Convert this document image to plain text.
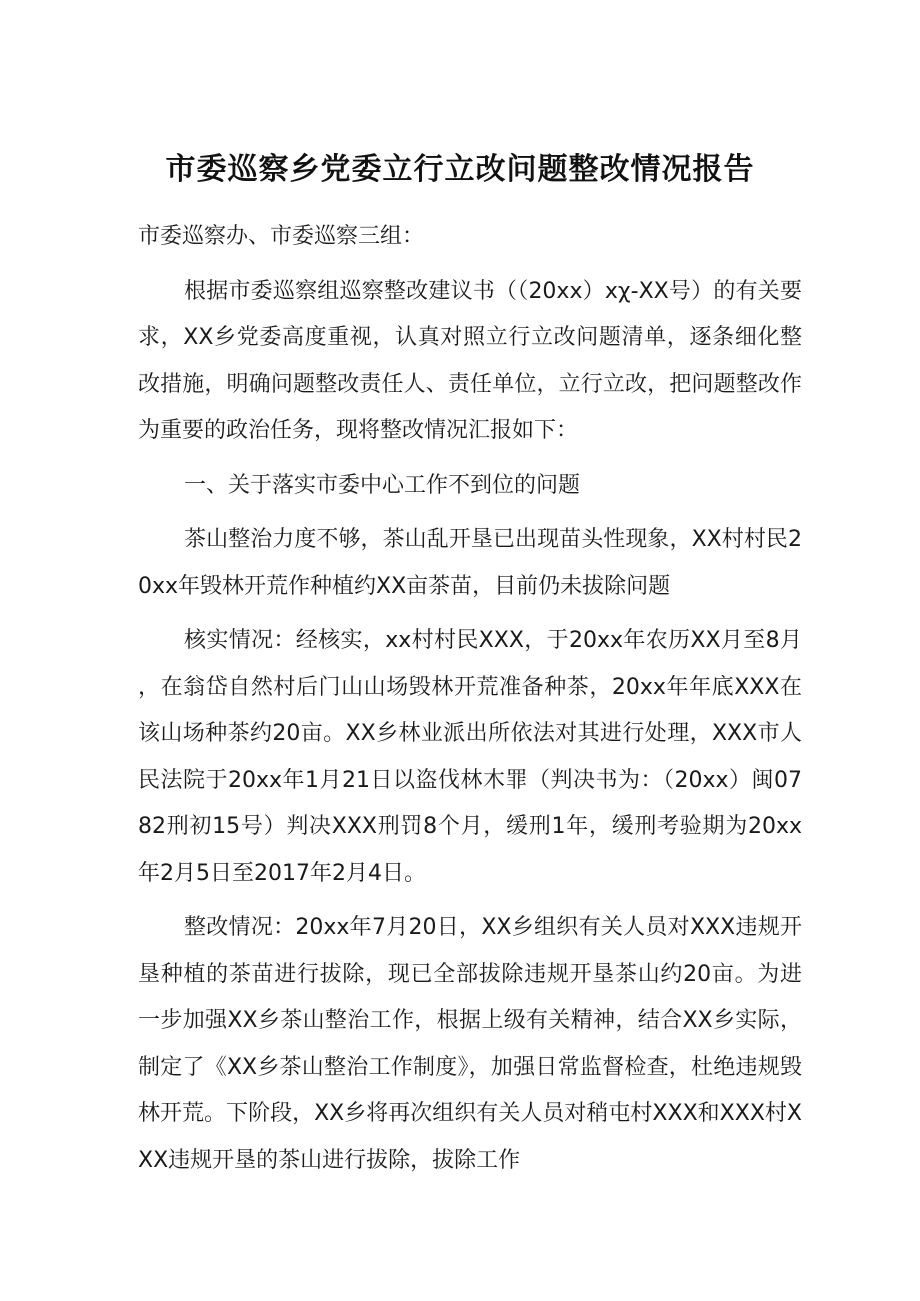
市委巡察乡党委立行立改问题整改情况报告

市委巡察办、市委巡察三组：

根据市委巡察组巡察整改建议书（（20xx）xχ-XX号）的有关要求，XX乡党委高度重视，认真对照立行立改问题清单，逐条细化整改措施，明确问题整改责任人、责任单位，立行立改，把问题整改作为重要的政治任务，现将整改情况汇报如下：

一、关于落实市委中心工作不到位的问题

茶山整治力度不够，茶山乱开垦已出现苗头性现象，XX村村民20xx年毁林开荒作种植约XX亩茶苗，目前仍未拔除问题

核实情况：经核实，xx村村民XXX，于20xx年农历XX月至8月，在翁岱自然村后门山山场毁林开荒准备种茶，20xx年年底XXX在该山场种茶约20亩。XX乡林业派出所依法对其进行处理，XXX市人民法院于20xx年1月21日以盗伐林木罪（判决书为：（20xx）闽0782刑初15号）判决XXX刑罚8个月，缓刑1年，缓刑考验期为20xx年2月5日至2017年2月4日。

整改情况：20xx年7月20日，XX乡组织有关人员对XXX违规开垦种植的茶苗进行拔除，现已全部拔除违规开垦茶山约20亩。为进一步加强XX乡茶山整治工作，根据上级有关精神，结合XX乡实际，制定了《XX乡茶山整治工作制度》，加强日常监督检查，杜绝违规毁林开荒。下阶段，XX乡将再次组织有关人员对稍屯村XXX和XXX村XXX违规开垦的茶山进行拔除，拔除工作
